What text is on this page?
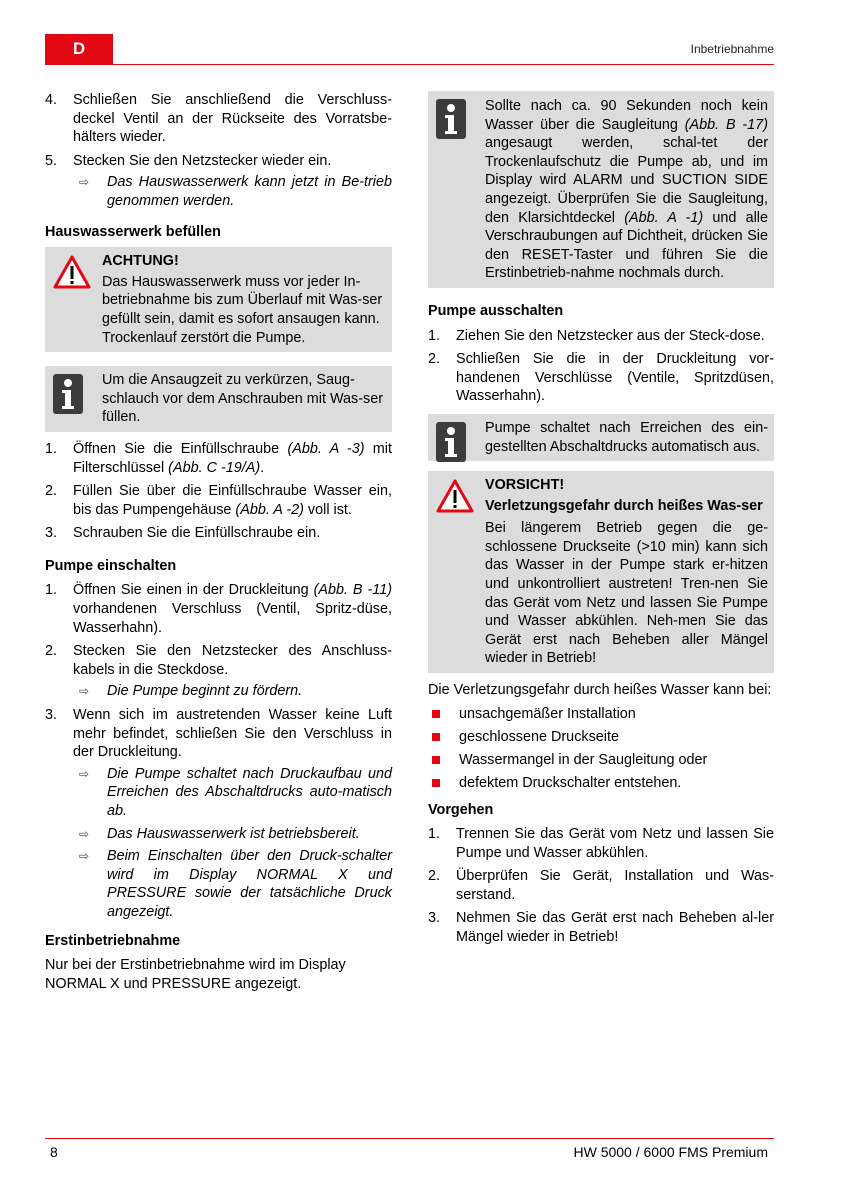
D	Inbetriebnahme
4. Schließen Sie anschließend die Verschluss-deckel Ventil an der Rückseite des Vorratsbe-hälters wieder.
5. Stecken Sie den Netzstecker wieder ein.
⇨ Das Hauswasserwerk kann jetzt in Be-trieb genommen werden.
Hauswasserwerk befüllen
ACHTUNG!
Das Hauswasserwerk muss vor jeder In-betriebnahme bis zum Überlauf mit Was-ser gefüllt sein, damit es sofort ansaugen kann. Trockenlauf zerstört die Pumpe.
Um die Ansaugzeit zu verkürzen, Saug-schlauch vor dem Anschrauben mit Was-ser füllen.
1. Öffnen Sie die Einfüllschraube (Abb. A -3) mit Filterschlüssel (Abb. C -19/A).
2. Füllen Sie über die Einfüllschraube Wasser ein, bis das Pumpengehäuse (Abb. A -2) voll ist.
3. Schrauben Sie die Einfüllschraube ein.
Pumpe einschalten
1. Öffnen Sie einen in der Druckleitung (Abb. B -11) vorhandenen Verschluss (Ventil, Spritz-düse, Wasserhahn).
2. Stecken Sie den Netzstecker des Anschluss-kabels in die Steckdose.
⇨ Die Pumpe beginnt zu fördern.
3. Wenn sich im austretenden Wasser keine Luft mehr befindet, schließen Sie den Verschluss in der Druckleitung.
⇨ Die Pumpe schaltet nach Druckaufbau und Erreichen des Abschaltdrucks auto-matisch ab.
⇨ Das Hauswasserwerk ist betriebsbereit.
⇨ Beim Einschalten über den Druck-schalter wird im Display NORMAL X und PRESSURE sowie der tatsächliche Druck angezeigt.
Erstinbetriebnahme

Nur bei der Erstinbetriebnahme wird im Display NORMAL X und PRESSURE angezeigt.

Sollte nach ca. 90 Sekunden noch kein Wasser über die Saugleitung (Abb. B -17) angesaugt werden, schal-tet der Trockenlaufschutz die Pumpe ab, und im Display wird ALARM und SUCTION SIDE angezeigt. Überprüfen Sie die Saugleitung, den Klarsichtdeckel (Abb. A -1) und alle Verschraubungen auf Dichtheit, drücken Sie den RESET-Taster und führen Sie die Erstinbetrieb-nahme nochmals durch.
Pumpe ausschalten
1. Ziehen Sie den Netzstecker aus der Steck-dose.
2. Schließen Sie die in der Druckleitung vor-handenen Verschlüsse (Ventile, Spritzdüsen, Wasserhahn).
Pumpe schaltet nach Erreichen des ein-gestellten Abschaltdrucks automatisch aus.
VORSICHT!
Verletzungsgefahr durch heißes Was-ser
Bei längerem Betrieb gegen die ge-schlossene Druckseite (>10 min) kann sich das Wasser in der Pumpe stark er-hitzen und unkontrolliert austreten! Tren-nen Sie das Gerät vom Netz und lassen Sie Pumpe und Wasser abkühlen. Neh-men Sie das Gerät erst nach Beheben aller Mängel wieder in Betrieb!

Die Verletzungsgefahr durch heißes Wasser kann bei:

unsachgemäßer Installation
geschlossene Druckseite
Wassermangel in der Saugleitung oder
defektem Druckschalter entstehen.
Vorgehen
1. Trennen Sie das Gerät vom Netz und lassen Sie Pumpe und Wasser abkühlen.
2. Überprüfen Sie Gerät, Installation und Was-serstand.
3. Nehmen Sie das Gerät erst nach Beheben al-ler Mängel wieder in Betrieb!
8	HW 5000 / 6000 FMS Premium
